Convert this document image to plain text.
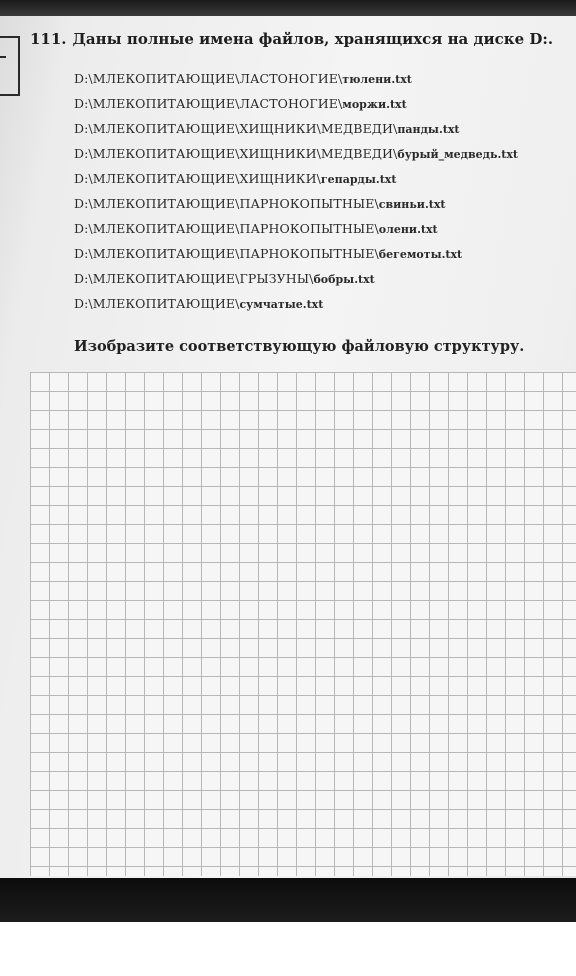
111. Даны полные имена файлов, хранящихся на диске D:.
D:\МЛЕКОПИТАЮЩИЕ\ЛАСТОНОГИЕ\тюлени.txt
D:\МЛЕКОПИТАЮЩИЕ\ЛАСТОНОГИЕ\моржи.txt
D:\МЛЕКОПИТАЮЩИЕ\ХИЩНИКИ\МЕДВЕДИ\панды.txt
D:\МЛЕКОПИТАЮЩИЕ\ХИЩНИКИ\МЕДВЕДИ\бурый_медведь.txt
D:\МЛЕКОПИТАЮЩИЕ\ХИЩНИКИ\гепарды.txt
D:\МЛЕКОПИТАЮЩИЕ\ПАРНОКОПЫТНЫЕ\свиньи.txt
D:\МЛЕКОПИТАЮЩИЕ\ПАРНОКОПЫТНЫЕ\олени.txt
D:\МЛЕКОПИТАЮЩИЕ\ПАРНОКОПЫТНЫЕ\бегемоты.txt
D:\МЛЕКОПИТАЮЩИЕ\ГРЫЗУНЫ\бобры.txt
D:\МЛЕКОПИТАЮЩИЕ\сумчатые.txt
Изобразите соответствующую файловую структуру.
